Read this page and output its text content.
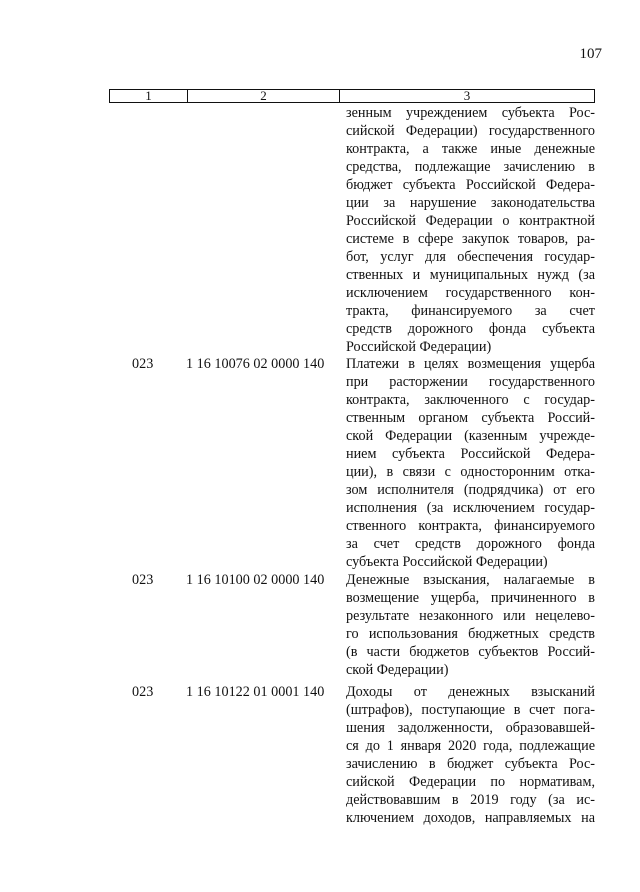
107
1	2	3
зенным учреждением субъекта Рос-
сийской Федерации) государственного
контракта, а также иные денежные
средства, подлежащие зачислению в
бюджет субъекта Российской Федера-
ции за нарушение законодательства
Российской Федерации о контрактной
системе в сфере закупок товаров, ра-
бот, услуг для обеспечения государ-
ственных и муниципальных нужд (за
исключением государственного кон-
тракта, финансируемого за счет
средств дорожного фонда субъекта
Российской Федерации)
023	1 16 10076 02 0000 140	Платежи в целях возмещения ущерба
при расторжении государственного
контракта, заключенного с государ-
ственным органом субъекта Россий-
ской Федерации (казенным учрежде-
нием субъекта Российской Федера-
ции), в связи с односторонним отка-
зом исполнителя (подрядчика) от его
исполнения (за исключением государ-
ственного контракта, финансируемого
за счет средств дорожного фонда
субъекта Российской Федерации)
023	1 16 10100 02 0000 140	Денежные взыскания, налагаемые в
возмещение ущерба, причиненного в
результате незаконного или нецелево-
го использования бюджетных средств
(в части бюджетов субъектов Россий-
ской Федерации)
023	1 16 10122 01 0001 140	Доходы от денежных взысканий
(штрафов), поступающие в счет пога-
шения задолженности, образовавшей-
ся до 1 января 2020 года, подлежащие
зачислению в бюджет субъекта Рос-
сийской Федерации по нормативам,
действовавшим в 2019 году (за ис-
ключением доходов, направляемых на
